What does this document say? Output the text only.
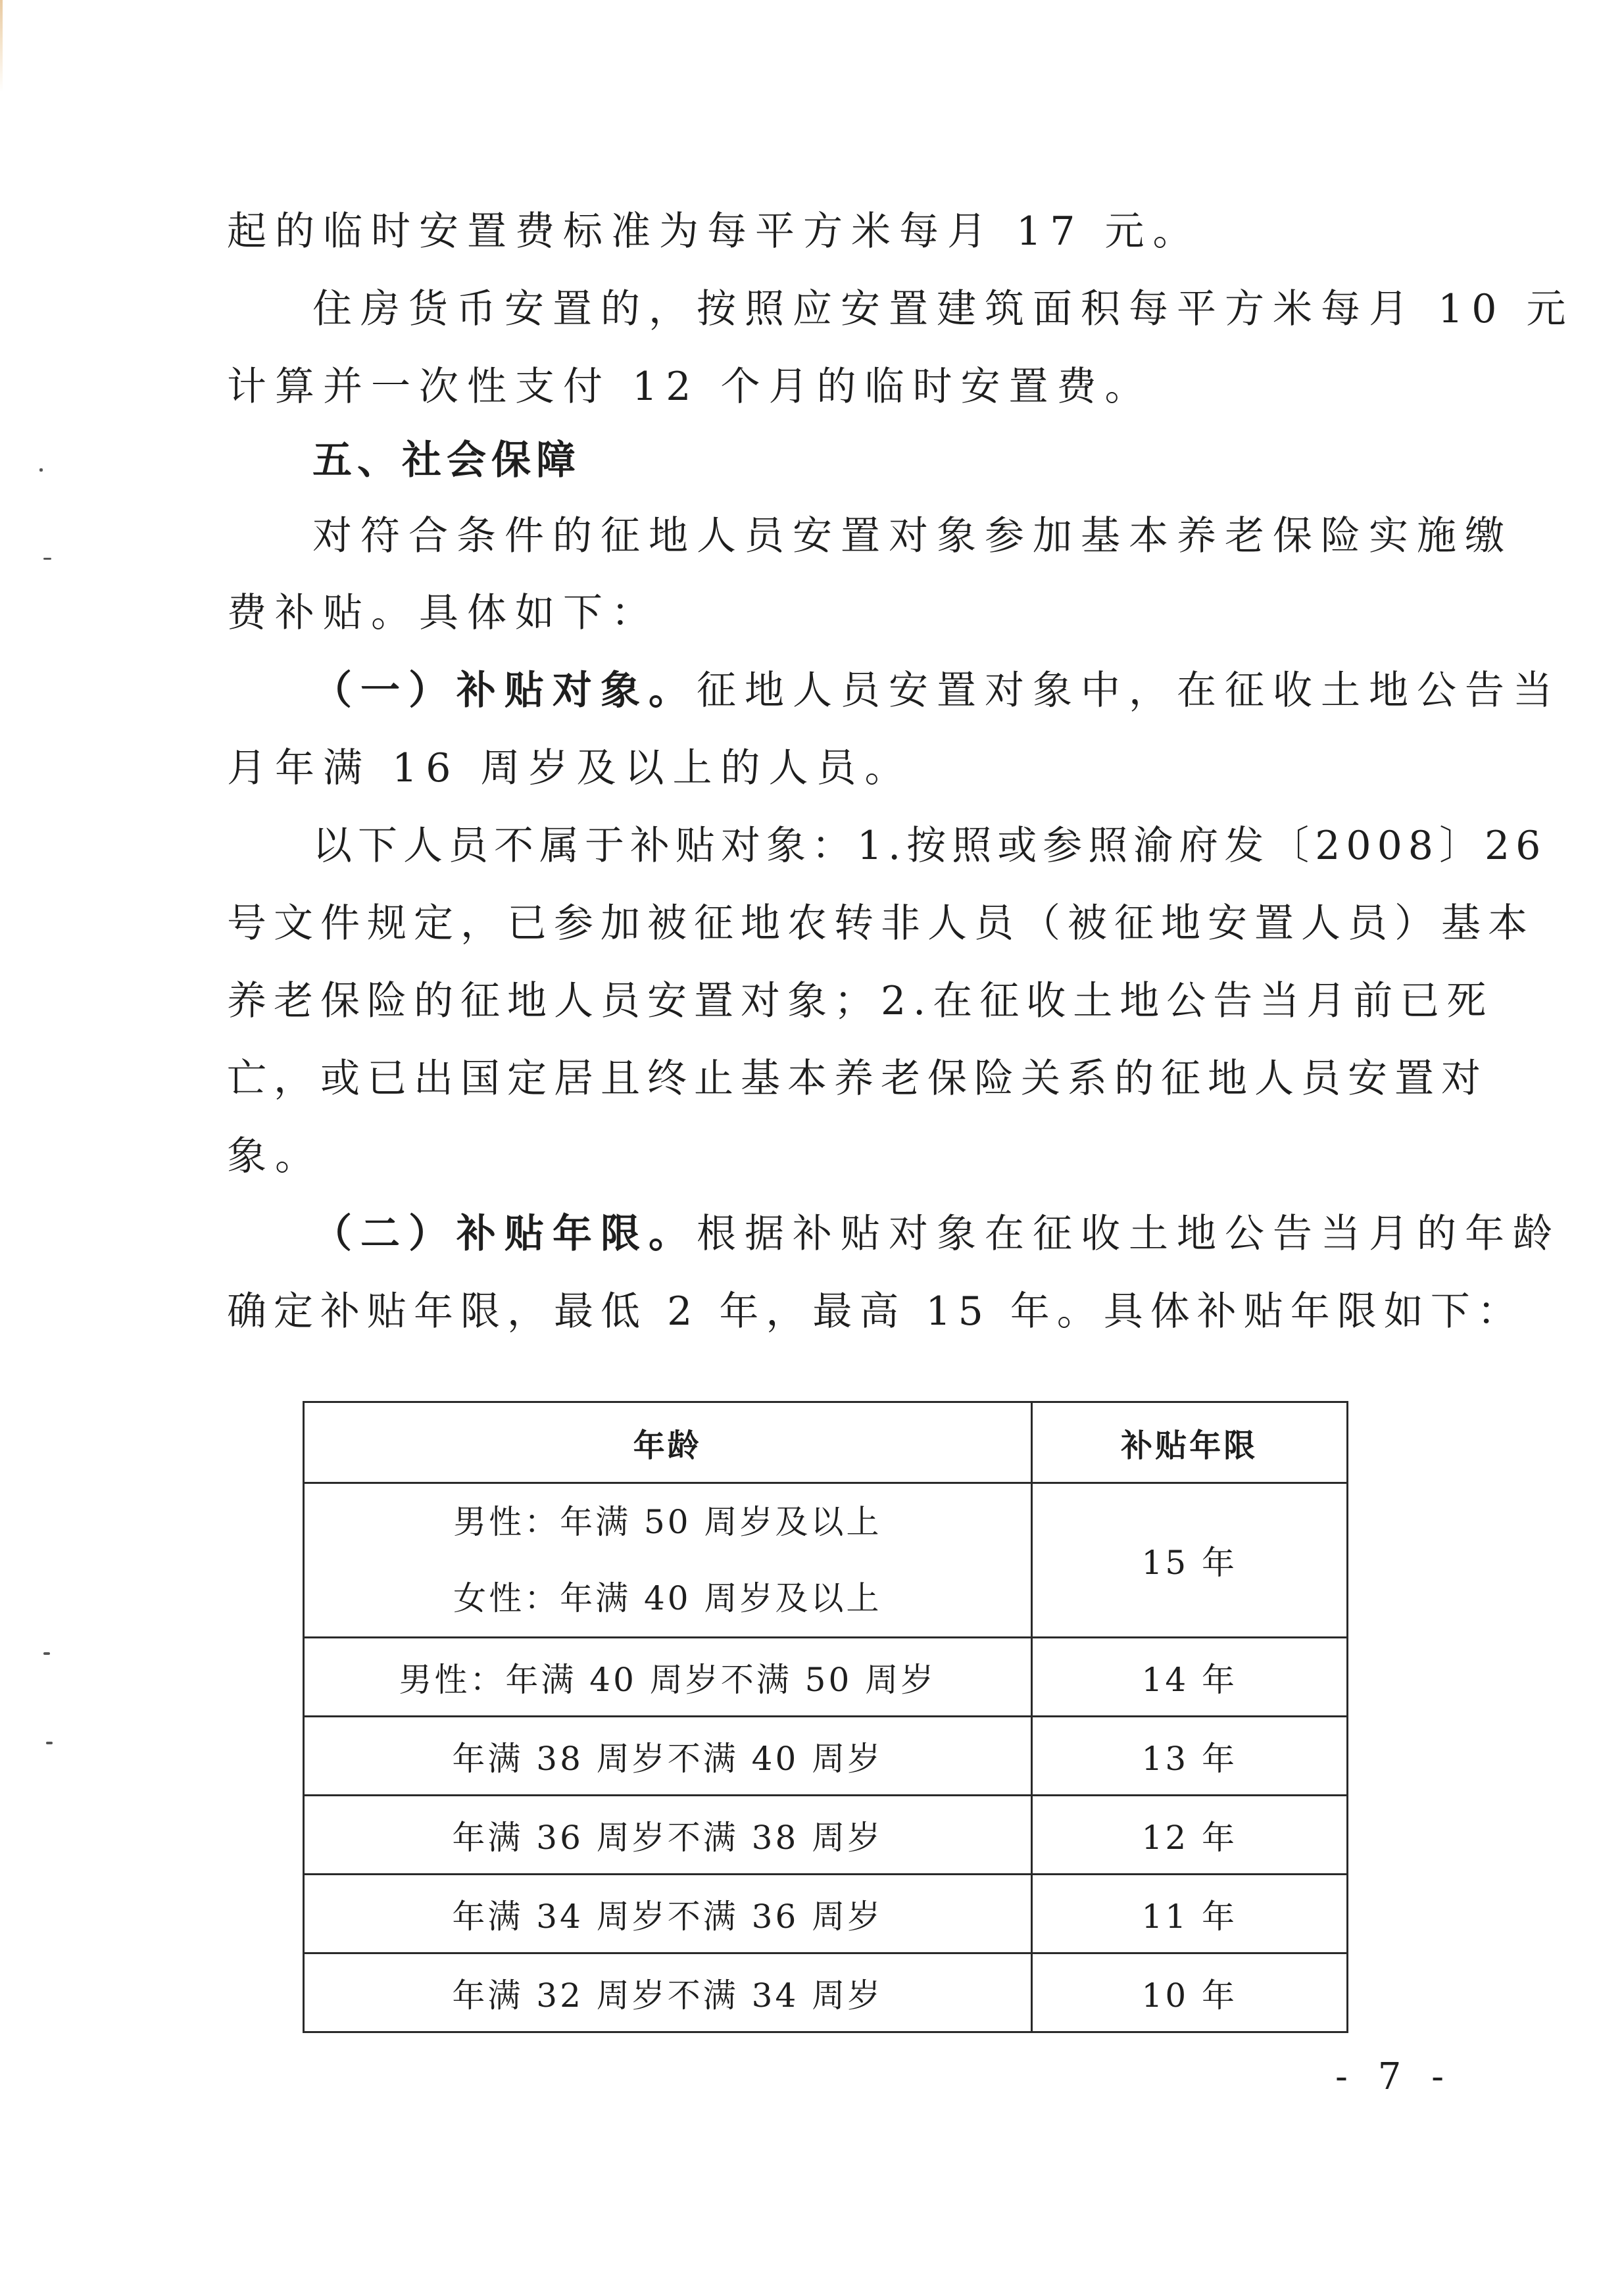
起的临时安置费标准为每平方米每月 17 元。
住房货币安置的，按照应安置建筑面积每平方米每月 10 元
计算并一次性支付 12 个月的临时安置费。
五、社会保障
对符合条件的征地人员安置对象参加基本养老保险实施缴
费补贴。具体如下：
（一）补贴对象。征地人员安置对象中，在征收土地公告当
月年满 16 周岁及以上的人员。
以下人员不属于补贴对象：1.按照或参照渝府发〔2008〕26
号文件规定，已参加被征地农转非人员（被征地安置人员）基本
养老保险的征地人员安置对象；2.在征收土地公告当月前已死
亡，或已出国定居且终止基本养老保险关系的征地人员安置对
象。
（二）补贴年限。根据补贴对象在征收土地公告当月的年龄
确定补贴年限，最低 2 年，最高 15 年。具体补贴年限如下：
年龄	补贴年限

男性：年满 50 周岁及以上
女性：年满 40 周岁及以上	15 年
男性：年满 40 周岁不满 50 周岁	14 年
年满 38 周岁不满 40 周岁	13 年
年满 36 周岁不满 38 周岁	12 年
年满 34 周岁不满 36 周岁	11 年
年满 32 周岁不满 34 周岁	10 年
- 7 -
